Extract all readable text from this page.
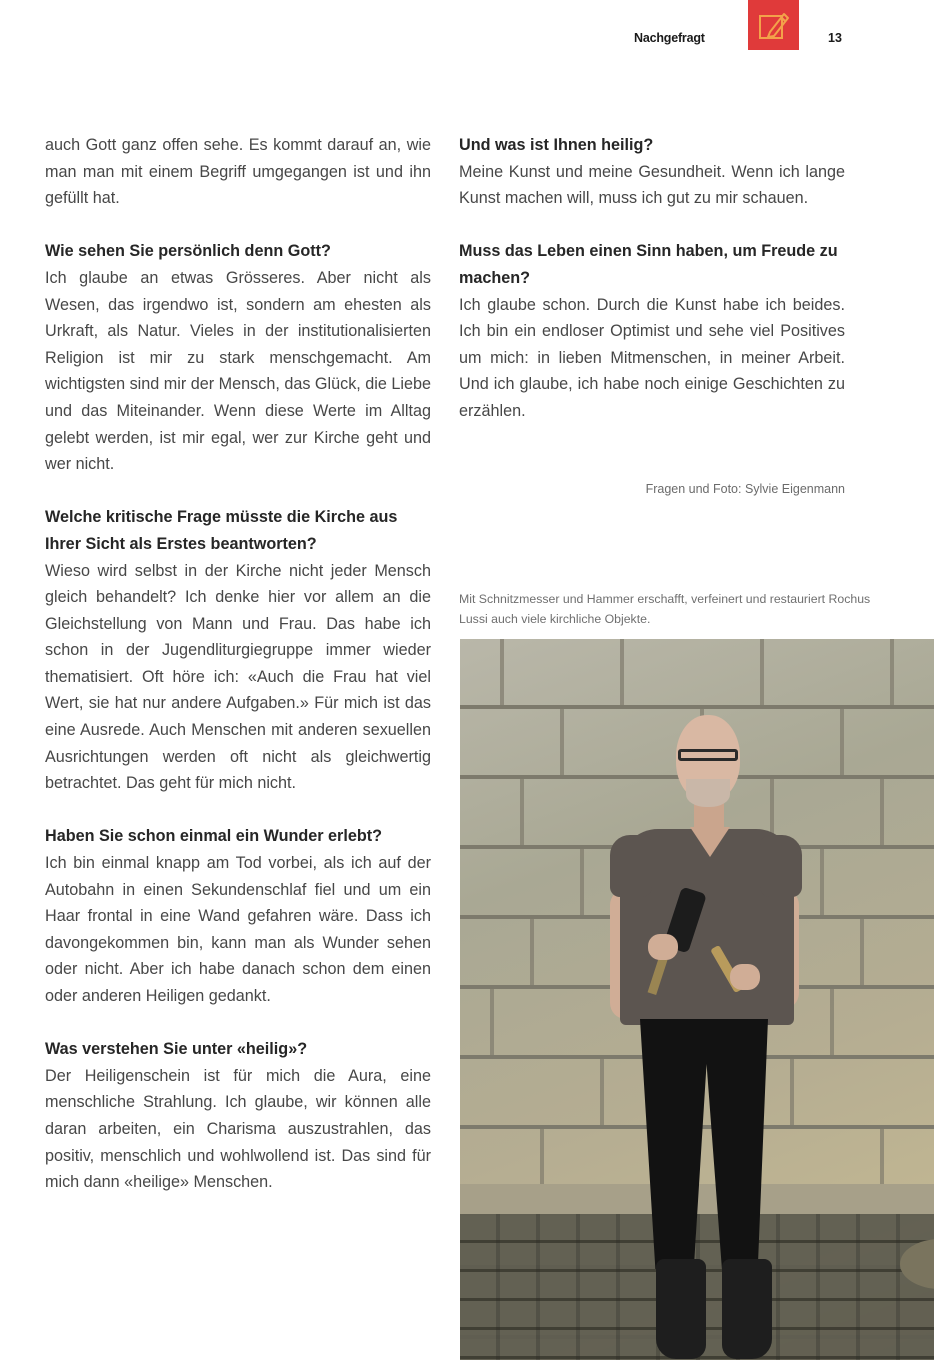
Nachgefragt	13

auch Gott ganz offen sehe. Es kommt darauf an, wie man man mit einem Begriff umgegangen ist und ihn gefüllt hat.

Wie sehen Sie persönlich denn Gott?

Ich glaube an etwas Grösseres. Aber nicht als Wesen, das irgendwo ist, sondern am ehesten als Urkraft, als Natur. Vieles in der institutionalisierten Religion ist mir zu stark menschgemacht. Am wichtigsten sind mir der Mensch, das Glück, die Liebe und das Miteinander. Wenn diese Werte im Alltag gelebt werden, ist mir egal, wer zur Kirche geht und wer nicht.

Welche kritische Frage müsste die Kirche aus Ihrer Sicht als Erstes beantworten?

Wieso wird selbst in der Kirche nicht jeder Mensch gleich behandelt? Ich denke hier vor allem an die Gleichstellung von Mann und Frau. Das habe ich schon in der Jugendliturgiegruppe immer wieder thematisiert. Oft höre ich: «Auch die Frau hat viel Wert, sie hat nur andere Aufgaben.» Für mich ist das eine Ausrede. Auch Menschen mit anderen sexuellen Ausrichtungen werden oft nicht als gleichwertig betrachtet. Das geht für mich nicht.

Haben Sie schon einmal ein Wunder erlebt?

Ich bin einmal knapp am Tod vorbei, als ich auf der Autobahn in einen Sekundenschlaf fiel und um ein Haar frontal in eine Wand gefahren wäre. Dass ich davongekommen bin, kann man als Wunder sehen oder nicht. Aber ich habe danach schon dem einen oder anderen Heiligen gedankt.

Was verstehen Sie unter «heilig»?

Der Heiligenschein ist für mich die Aura, eine menschliche Strahlung. Ich glaube, wir können alle daran arbeiten, ein Charisma auszustrahlen, das positiv, menschlich und wohlwollend ist. Das sind für mich dann «heilige» Menschen.

Und was ist Ihnen heilig?

Meine Kunst und meine Gesundheit. Wenn ich lange Kunst machen will, muss ich gut zu mir schauen.

Muss das Leben einen Sinn haben, um Freude zu machen?

Ich glaube schon. Durch die Kunst habe ich beides. Ich bin ein endloser Optimist und sehe viel Positives um mich: in lieben Mitmenschen, in meiner Arbeit. Und ich glaube, ich habe noch einige Geschichten zu erzählen.

Fragen und Foto: Sylvie Eigenmann
Mit Schnitzmesser und Hammer erschafft, verfeinert und restauriert Rochus Lussi auch viele kirchliche Objekte.
